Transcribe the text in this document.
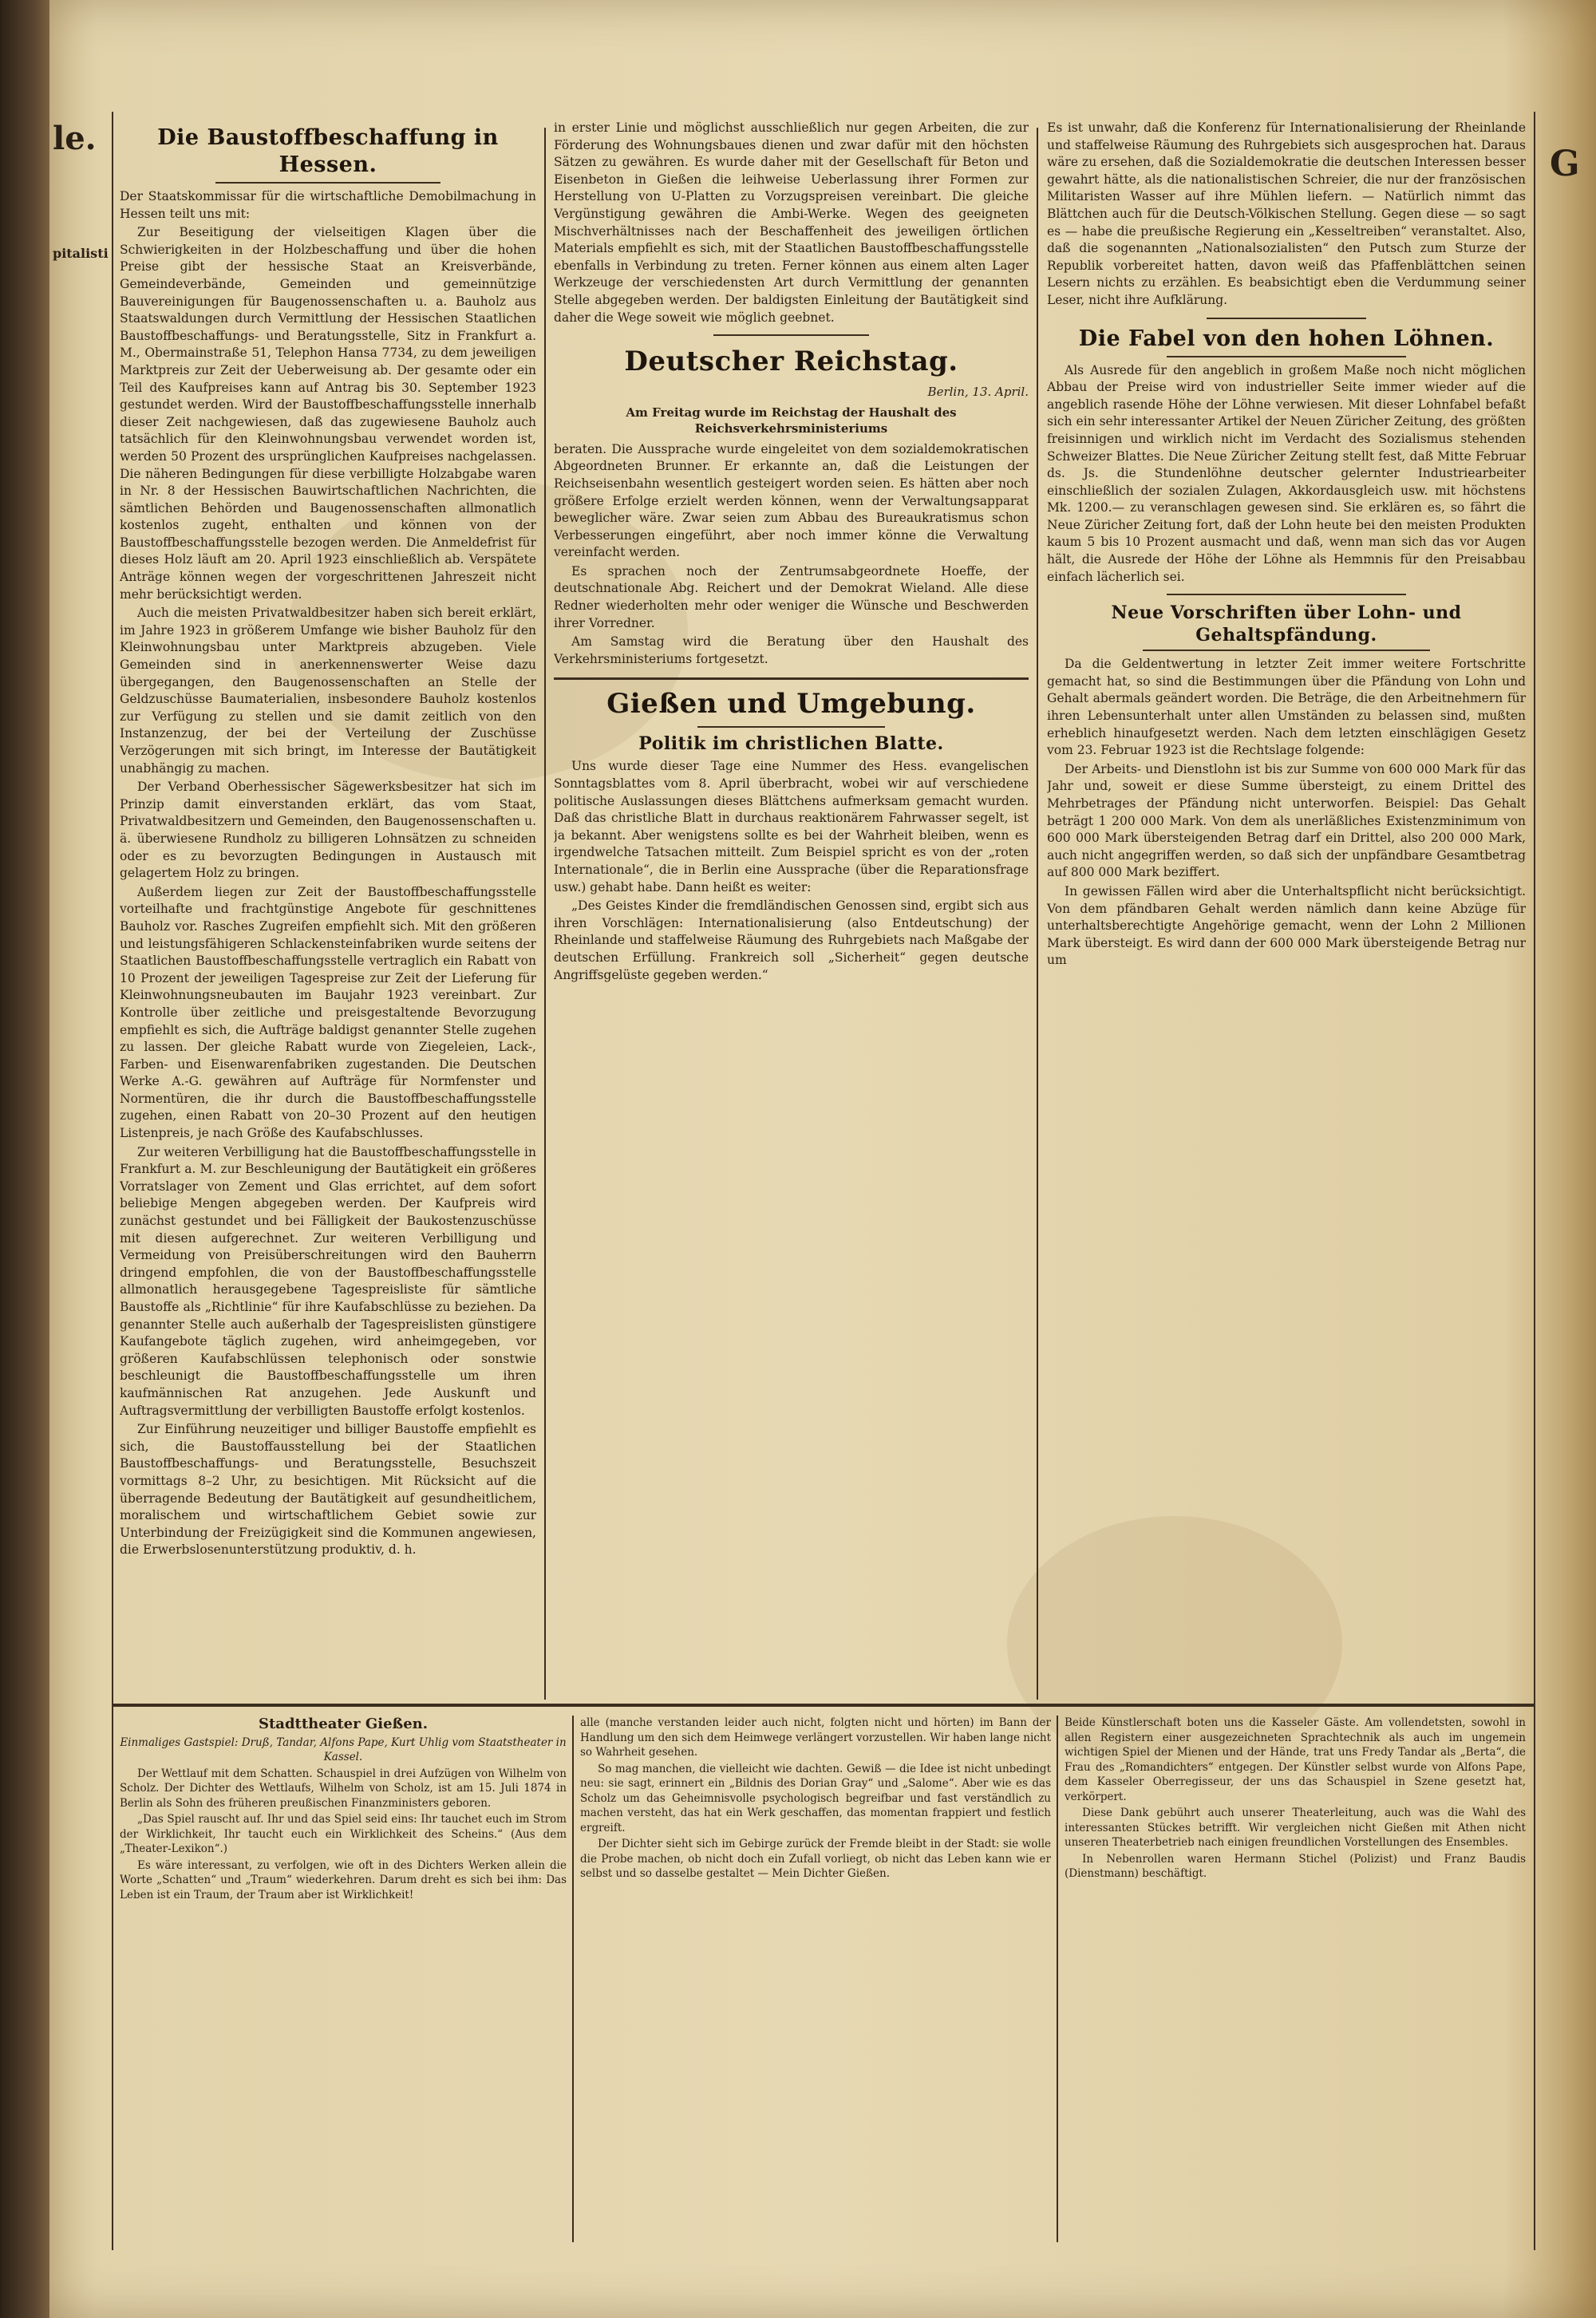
le.
pitalisti
G
Die Baustoffbeschaffung in Hessen.

Der Staatskommissar für die wirtschaftliche Demobilmachung in Hessen teilt uns mit:

Zur Beseitigung der vielseitigen Klagen über die Schwierigkeiten in der Holzbeschaffung und über die hohen Preise gibt der hessische Staat an Kreisverbände, Gemeindeverbände, Gemeinden und gemeinnützige Bauvereinigungen für Baugenossenschaften u. a. Bauholz aus Staatswaldungen durch Vermittlung der Hessischen Staatlichen Baustoffbeschaffungs- und Beratungsstelle, Sitz in Frankfurt a. M., Obermainstraße 51, Telephon Hansa 7734, zu dem jeweiligen Marktpreis zur Zeit der Ueberweisung ab. Der gesamte oder ein Teil des Kaufpreises kann auf Antrag bis 30. September 1923 gestundet werden. Wird der Baustoffbeschaffungsstelle innerhalb dieser Zeit nachgewiesen, daß das zugewiesene Bauholz auch tatsächlich für den Kleinwohnungsbau verwendet worden ist, werden 50 Prozent des ursprünglichen Kaufpreises nachgelassen. Die näheren Bedingungen für diese verbilligte Holzabgabe waren in Nr. 8 der Hessischen Bauwirtschaftlichen Nachrichten, die sämtlichen Behörden und Baugenossenschaften allmonatlich kostenlos zugeht, enthalten und können von der Baustoffbeschaffungsstelle bezogen werden. Die Anmeldefrist für dieses Holz läuft am 20. April 1923 einschließlich ab. Verspätete Anträge können wegen der vorgeschrittenen Jahreszeit nicht mehr berücksichtigt werden.

Auch die meisten Privatwaldbesitzer haben sich bereit erklärt, im Jahre 1923 in größerem Umfange wie bisher Bauholz für den Kleinwohnungsbau unter Marktpreis abzugeben. Viele Gemeinden sind in anerkennenswerter Weise dazu übergegangen, den Baugenossenschaften an Stelle der Geldzuschüsse Baumaterialien, insbesondere Bauholz kostenlos zur Verfügung zu stellen und sie damit zeitlich von den Instanzenzug, der bei der Verteilung der Zuschüsse Verzögerungen mit sich bringt, im Interesse der Bautätigkeit unabhängig zu machen.

Der Verband Oberhessischer Sägewerksbesitzer hat sich im Prinzip damit einverstanden erklärt, das vom Staat, Privatwaldbesitzern und Gemeinden, den Baugenossenschaften u. ä. überwiesene Rundholz zu billigeren Lohnsätzen zu schneiden oder es zu bevorzugten Bedingungen in Austausch mit gelagertem Holz zu bringen.

Außerdem liegen zur Zeit der Baustoffbeschaffungsstelle vorteilhafte und frachtgünstige Angebote für geschnittenes Bauholz vor. Rasches Zugreifen empfiehlt sich. Mit den größeren und leistungsfähigeren Schlackensteinfabriken wurde seitens der Staatlichen Baustoffbeschaffungsstelle vertraglich ein Rabatt von 10 Prozent der jeweiligen Tagespreise zur Zeit der Lieferung für Kleinwohnungsneubauten im Baujahr 1923 vereinbart. Zur Kontrolle über zeitliche und preisgestaltende Bevorzugung empfiehlt es sich, die Aufträge baldigst genannter Stelle zugehen zu lassen. Der gleiche Rabatt wurde von Ziegeleien, Lack-, Farben- und Eisenwarenfabriken zugestanden. Die Deutschen Werke A.-G. gewähren auf Aufträge für Normfenster und Normentüren, die ihr durch die Baustoffbeschaffungsstelle zugehen, einen Rabatt von 20–30 Prozent auf den heutigen Listenpreis, je nach Größe des Kaufabschlusses.

Zur weiteren Verbilligung hat die Baustoffbeschaffungsstelle in Frankfurt a. M. zur Beschleunigung der Bautätigkeit ein größeres Vorratslager von Zement und Glas errichtet, auf dem sofort beliebige Mengen abgegeben werden. Der Kaufpreis wird zunächst gestundet und bei Fälligkeit der Baukostenzuschüsse mit diesen aufgerechnet. Zur weiteren Verbilligung und Vermeidung von Preisüberschreitungen wird den Bauherrn dringend empfohlen, die von der Baustoffbeschaffungsstelle allmonatlich herausgegebene Tagespreisliste für sämtliche Baustoffe als „Richtlinie“ für ihre Kaufabschlüsse zu beziehen. Da genannter Stelle auch außerhalb der Tagespreislisten günstigere Kaufangebote täglich zugehen, wird anheimgegeben, vor größeren Kaufabschlüssen telephonisch oder sonstwie beschleunigt die Baustoffbeschaffungsstelle um ihren kaufmännischen Rat anzugehen. Jede Auskunft und Auftragsvermittlung der verbilligten Baustoffe erfolgt kostenlos.

Zur Einführung neuzeitiger und billiger Baustoffe empfiehlt es sich, die Baustoffausstellung bei der Staatlichen Baustoffbeschaffungs- und Beratungsstelle, Besuchszeit vormittags 8–2 Uhr, zu besichtigen. Mit Rücksicht auf die überragende Bedeutung der Bautätigkeit auf gesundheitlichem, moralischem und wirtschaftlichem Gebiet sowie zur Unterbindung der Freizügigkeit sind die Kommunen angewiesen, die Erwerbslosenunterstützung produktiv, d. h.

in erster Linie und möglichst ausschließlich nur gegen Arbeiten, die zur Förderung des Wohnungsbaues dienen und zwar dafür mit den höchsten Sätzen zu gewähren. Es wurde daher mit der Gesellschaft für Beton und Eisenbeton in Gießen die leihweise Ueberlassung ihrer Formen zur Herstellung von U-Platten zu Vorzugspreisen vereinbart. Die gleiche Vergünstigung gewähren die Ambi-Werke. Wegen des geeigneten Mischverhältnisses nach der Beschaffenheit des jeweiligen örtlichen Materials empfiehlt es sich, mit der Staatlichen Baustoffbeschaffungsstelle ebenfalls in Verbindung zu treten. Ferner können aus einem alten Lager Werkzeuge der verschiedensten Art durch Vermittlung der genannten Stelle abgegeben werden. Der baldigsten Einleitung der Bautätigkeit sind daher die Wege soweit wie möglich geebnet.

Deutscher Reichstag.
Berlin, 13. April.
Am Freitag wurde im Reichstag der Haushalt des Reichsverkehrsministeriums

beraten. Die Aussprache wurde eingeleitet von dem sozialdemokratischen Abgeordneten Brunner. Er erkannte an, daß die Leistungen der Reichseisenbahn wesentlich gesteigert worden seien. Es hätten aber noch größere Erfolge erzielt werden können, wenn der Verwaltungsapparat beweglicher wäre. Zwar seien zum Abbau des Bureaukratismus schon Verbesserungen eingeführt, aber noch immer könne die Verwaltung vereinfacht werden.

Es sprachen noch der Zentrumsabgeordnete Hoeffe, der deutschnationale Abg. Reichert und der Demokrat Wieland. Alle diese Redner wiederholten mehr oder weniger die Wünsche und Beschwerden ihrer Vorredner.

Am Samstag wird die Beratung über den Haushalt des Verkehrsministeriums fortgesetzt.

Gießen und Umgebung.
Politik im christlichen Blatte.

Uns wurde dieser Tage eine Nummer des Hess. evangelischen Sonntagsblattes vom 8. April überbracht, wobei wir auf verschiedene politische Auslassungen dieses Blättchens aufmerksam gemacht wurden. Daß das christliche Blatt in durchaus reaktionärem Fahrwasser segelt, ist ja bekannt. Aber wenigstens sollte es bei der Wahrheit bleiben, wenn es irgendwelche Tatsachen mitteilt. Zum Beispiel spricht es von der „roten Internationale“, die in Berlin eine Aussprache (über die Reparationsfrage usw.) gehabt habe. Dann heißt es weiter:

„Des Geistes Kinder die fremdländischen Genossen sind, ergibt sich aus ihren Vorschlägen: Internationalisierung (also Entdeutschung) der Rheinlande und staffelweise Räumung des Ruhrgebiets nach Maßgabe der deutschen Erfüllung. Frankreich soll „Sicherheit“ gegen deutsche Angriffsgelüste gegeben werden.“

Es ist unwahr, daß die Konferenz für Internationalisierung der Rheinlande und staffelweise Räumung des Ruhrgebiets sich ausgesprochen hat. Daraus wäre zu ersehen, daß die Sozialdemokratie die deutschen Interessen besser gewahrt hätte, als die nationalistischen Schreier, die nur der französischen Militaristen Wasser auf ihre Mühlen liefern. — Natürlich nimmt das Blättchen auch für die Deutsch-Völkischen Stellung. Gegen diese — so sagt es — habe die preußische Regierung ein „Kesseltreiben“ veranstaltet. Also, daß die sogenannten „Nationalsozialisten“ den Putsch zum Sturze der Republik vorbereitet hatten, davon weiß das Pfaffenblättchen seinen Lesern nichts zu erzählen. Es beabsichtigt eben die Verdummung seiner Leser, nicht ihre Aufklärung.

Die Fabel von den hohen Löhnen.

Als Ausrede für den angeblich in großem Maße noch nicht möglichen Abbau der Preise wird von industrieller Seite immer wieder auf die angeblich rasende Höhe der Löhne verwiesen. Mit dieser Lohnfabel befaßt sich ein sehr interessanter Artikel der Neuen Züricher Zeitung, des größten freisinnigen und wirklich nicht im Verdacht des Sozialismus stehenden Schweizer Blattes. Die Neue Züricher Zeitung stellt fest, daß Mitte Februar ds. Js. die Stundenlöhne deutscher gelernter Industriearbeiter einschließlich der sozialen Zulagen, Akkordausgleich usw. mit höchstens Mk. 1200.— zu veranschlagen gewesen sind. Sie erklären es, so fährt die Neue Züricher Zeitung fort, daß der Lohn heute bei den meisten Produkten kaum 5 bis 10 Prozent ausmacht und daß, wenn man sich das vor Augen hält, die Ausrede der Höhe der Löhne als Hemmnis für den Preisabbau einfach lächerlich sei.

Neue Vorschriften über Lohn- und Gehaltspfändung.

Da die Geldentwertung in letzter Zeit immer weitere Fortschritte gemacht hat, so sind die Bestimmungen über die Pfändung von Lohn und Gehalt abermals geändert worden. Die Beträge, die den Arbeitnehmern für ihren Lebensunterhalt unter allen Umständen zu belassen sind, mußten erheblich hinaufgesetzt werden. Nach dem letzten einschlägigen Gesetz vom 23. Februar 1923 ist die Rechtslage folgende:

Der Arbeits- und Dienstlohn ist bis zur Summe von 600 000 Mark für das Jahr und, soweit er diese Summe übersteigt, zu einem Drittel des Mehrbetrages der Pfändung nicht unterworfen. Beispiel: Das Gehalt beträgt 1 200 000 Mark. Von dem als unerläßliches Existenzminimum von 600 000 Mark übersteigenden Betrag darf ein Drittel, also 200 000 Mark, auch nicht angegriffen werden, so daß sich der unpfändbare Gesamtbetrag auf 800 000 Mark beziffert.

In gewissen Fällen wird aber die Unterhaltspflicht nicht berücksichtigt. Von dem pfändbaren Gehalt werden nämlich dann keine Abzüge für unterhaltsberechtigte Angehörige gemacht, wenn der Lohn 2 Millionen Mark übersteigt. Es wird dann der 600 000 Mark übersteigende Betrag nur um

Stadttheater Gießen.

Einmaliges Gastspiel: Druß, Tandar, Alfons Pape, Kurt Uhlig vom Staatstheater in Kassel.

Der Wettlauf mit dem Schatten. Schauspiel in drei Aufzügen von Wilhelm von Scholz. Der Dichter des Wettlaufs, Wilhelm von Scholz, ist am 15. Juli 1874 in Berlin als Sohn des früheren preußischen Finanzministers geboren.

„Das Spiel rauscht auf. Ihr und das Spiel seid eins: Ihr tauchet euch im Strom der Wirklichkeit, Ihr taucht euch ein Wirklichkeit des Scheins.“ (Aus dem „Theater-Lexikon“.)

Es wäre interessant, zu verfolgen, wie oft in des Dichters Werken allein die Worte „Schatten“ und „Traum“ wiederkehren. Darum dreht es sich bei ihm: Das Leben ist ein Traum, der Traum aber ist Wirklichkeit!

alle (manche verstanden leider auch nicht, folgten nicht und hörten) im Bann der Handlung um den sich dem Heimwege verlängert vorzustellen. Wir haben lange nicht so Wahrheit gesehen.

So mag manchen, die vielleicht wie dachten. Gewiß — die Idee ist nicht unbedingt neu: sie sagt, erinnert ein „Bildnis des Dorian Gray“ und „Salome“. Aber wie es das Scholz um das Geheimnisvolle psychologisch begreifbar und fast verständlich zu machen versteht, das hat ein Werk geschaffen, das momentan frappiert und festlich ergreift.

Der Dichter sieht sich im Gebirge zurück der Fremde bleibt in der Stadt: sie wolle die Probe machen, ob nicht doch ein Zufall vorliegt, ob nicht das Leben kann wie er selbst und so dasselbe gestaltet — Mein Dichter Gießen.

Beide Künstlerschaft boten uns die Kasseler Gäste. Am vollendetsten, sowohl in allen Registern einer ausgezeichneten Sprachtechnik als auch im ungemein wichtigen Spiel der Mienen und der Hände, trat uns Fredy Tandar als „Berta“, die Frau des „Romandichters“ entgegen. Der Künstler selbst wurde von Alfons Pape, dem Kasseler Oberregisseur, der uns das Schauspiel in Szene gesetzt hat, verkörpert.

Diese Dank gebührt auch unserer Theaterleitung, auch was die Wahl des interessanten Stückes betrifft. Wir vergleichen nicht Gießen mit Athen nicht unseren Theaterbetrieb nach einigen freundlichen Vorstellungen des Ensembles.

In Nebenrollen waren Hermann Stichel (Polizist) und Franz Baudis (Dienstmann) beschäftigt.
